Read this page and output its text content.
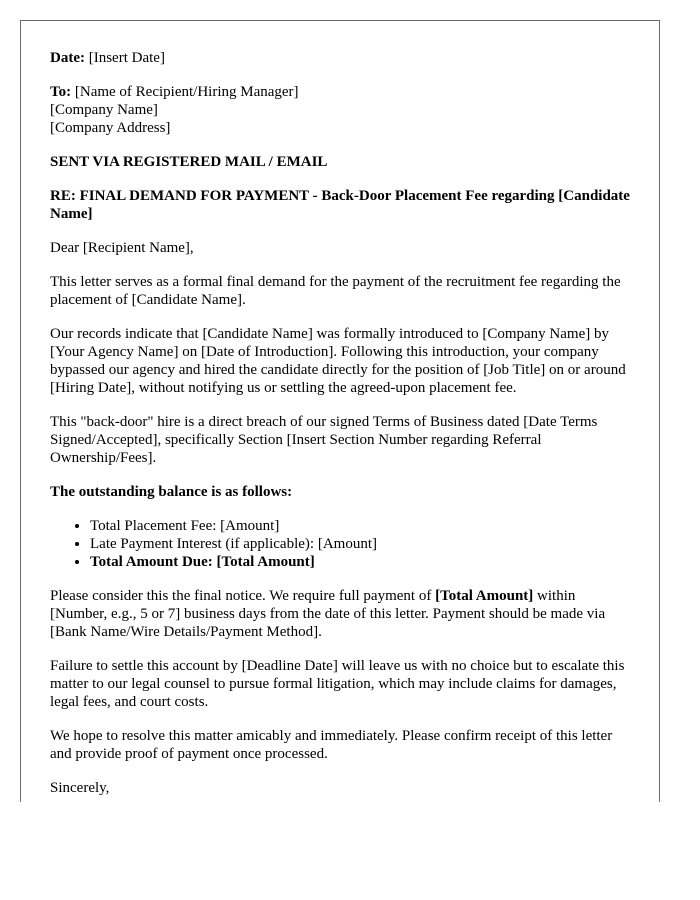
Date: [Insert Date]

To: [Name of Recipient/Hiring Manager]
[Company Name]
[Company Address]

SENT VIA REGISTERED MAIL / EMAIL

RE: FINAL DEMAND FOR PAYMENT - Back-Door Placement Fee regarding [Candidate Name]

Dear [Recipient Name],

This letter serves as a formal final demand for the payment of the recruitment fee regarding the placement of [Candidate Name].

Our records indicate that [Candidate Name] was formally introduced to [Company Name] by [Your Agency Name] on [Date of Introduction]. Following this introduction, your company bypassed our agency and hired the candidate directly for the position of [Job Title] on or around [Hiring Date], without notifying us or settling the agreed-upon placement fee.

This "back-door" hire is a direct breach of our signed Terms of Business dated [Date Terms Signed/Accepted], specifically Section [Insert Section Number regarding Referral Ownership/Fees].

The outstanding balance is as follows:

• Total Placement Fee: [Amount]
• Late Payment Interest (if applicable): [Amount]
• Total Amount Due: [Total Amount]

Please consider this the final notice. We require full payment of [Total Amount] within [Number, e.g., 5 or 7] business days from the date of this letter. Payment should be made via [Bank Name/Wire Details/Payment Method].

Failure to settle this account by [Deadline Date] will leave us with no choice but to escalate this matter to our legal counsel to pursue formal litigation, which may include claims for damages, legal fees, and court costs.

We hope to resolve this matter amicably and immediately. Please confirm receipt of this letter and provide proof of payment once processed.

Sincerely,
